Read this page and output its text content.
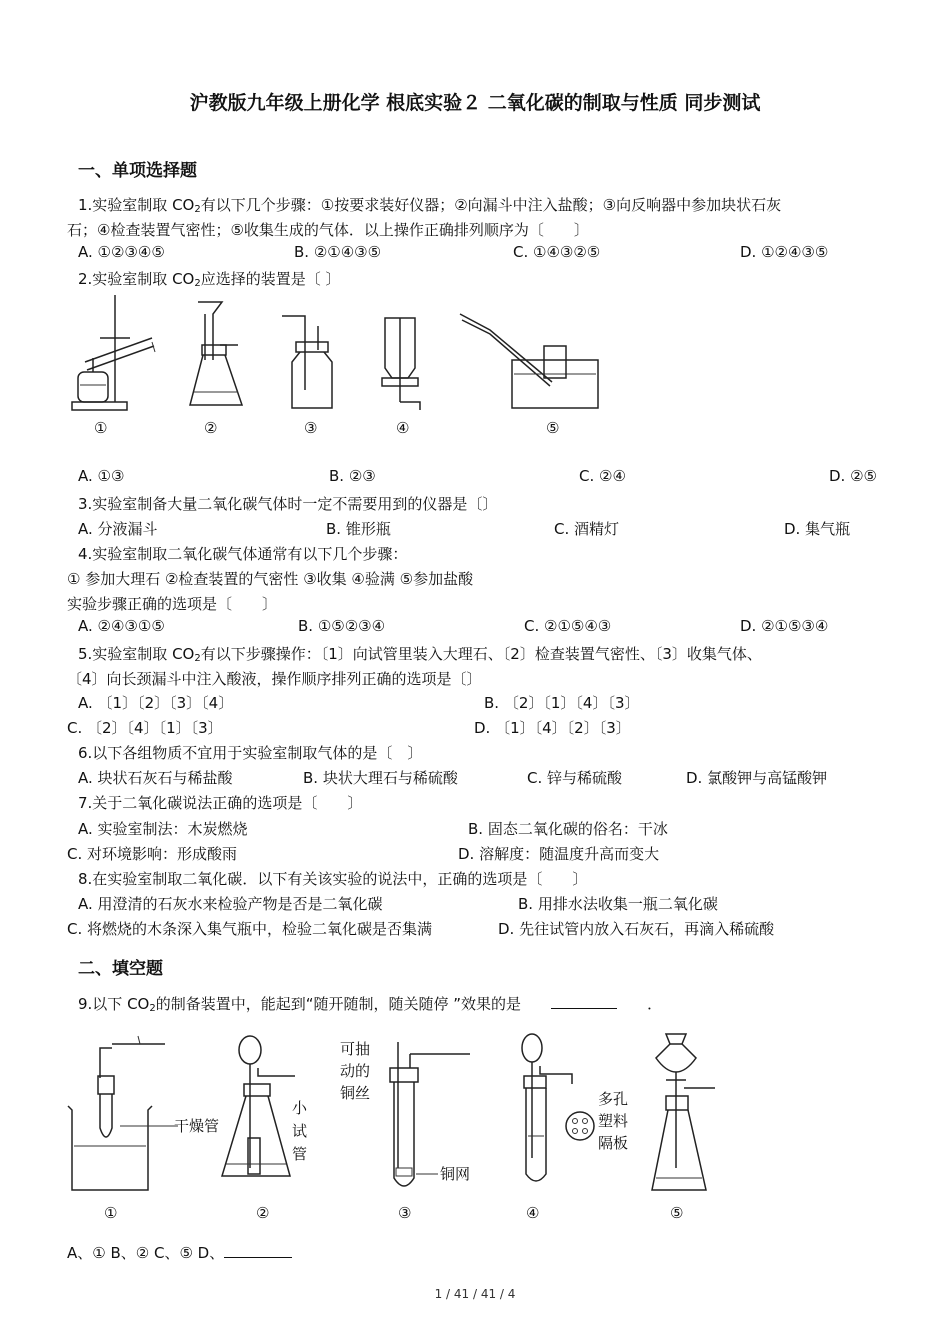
沪教版九年级上册化学 根底实验２ 二氧化碳的制取与性质 同步测试
一、单项选择题
1.实验室制取 $CO_2$有以下几个步骤：①按要求装好仪器；②向漏斗中注入盐酸；③向反响器中参加块状石灰
石；④检查装置气密性；⑤收集生成的气体．以上操作正确排列顺序为〔　　〕
A. ①②③④⑤	B. ②①④③⑤	C. ①④③②⑤	D. ①②④③⑤
2.实验室制取 $CO_2$应选择的装置是〔 〕
①	②	③	④	⑤
A. ①③	B. ②③	C. ②④	D. ②⑤
3.实验室制备大量二氧化碳气体时一定不需要用到的仪器是〔〕
A. 分液漏斗	B. 锥形瓶	C. 酒精灯	D. 集气瓶
4.实验室制取二氧化碳气体通常有以下几个步骤：
① 参加大理石 ②检查装置的气密性 ③收集 ④验满 ⑤参加盐酸
实验步骤正确的选项是〔　　〕
A. ②④③①⑤	B. ①⑤②③④	C. ②①⑤④③	D. ②①⑤③④
5.实验室制取 $CO_2$有以下步骤操作：〔1〕向试管里装入大理石、〔2〕检查装置气密性、〔3〕收集气体、
〔4〕向长颈漏斗中注入酸液，操作顺序排列正确的选项是〔〕
A. 〔1〕〔2〕〔3〕〔4〕	B. 〔2〕〔1〕〔4〕〔3〕
C. 〔2〕〔4〕〔1〕〔3〕	D. 〔1〕〔4〕〔2〕〔3〕
6.以下各组物质不宜用于实验室制取气体的是〔　〕
A. 块状石灰石与稀盐酸	B. 块状大理石与稀硫酸	C. 锌与稀硫酸	D. 氯酸钾与高锰酸钾
7.关于二氧化碳说法正确的选项是〔　　〕
A. 实验室制法：木炭燃烧	B. 固态二氧化碳的俗名：干冰
C. 对环境影响：形成酸雨	D. 溶解度：随温度升高而变大
8.在实验室制取二氧化碳．以下有关该实验的说法中，正确的选项是〔　　〕
A. 用澄清的石灰水来检验产物是否是二氧化碳	B. 用排水法收集一瓶二氧化碳
C. 将燃烧的木条深入集气瓶中，检验二氧化碳是否集满	D. 先往试管内放入石灰石，再滴入稀硫酸
二、填空题
9.以下 $CO_2$的制备装置中，能起到“随开随制，随关随停 ”效果的是　　　　	．
干燥管
①
小
试
管
②
可抽
动的
铜丝
铜网
③
多孔
塑料
隔板
④	⑤
A、① B、② C、⑤ D、
1 / 41 / 41 / 4
